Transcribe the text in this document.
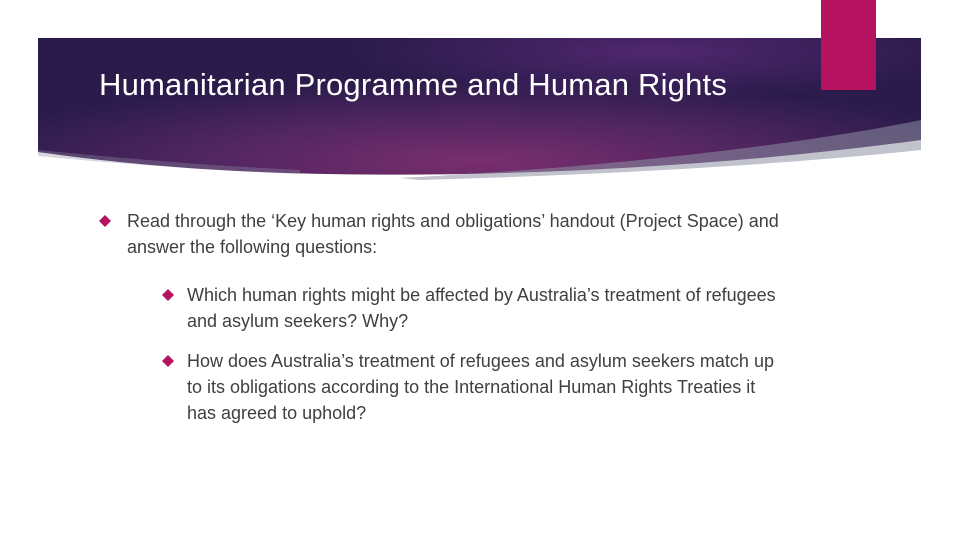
Humanitarian Programme and Human Rights
Read through the ‘Key human rights and obligations’ handout (Project Space) and answer the following questions:
Which human rights might be affected by Australia’s treatment of refugees and asylum seekers? Why?
How does Australia’s treatment of refugees and asylum seekers match up to its obligations according to the International Human Rights Treaties it has agreed to uphold?
